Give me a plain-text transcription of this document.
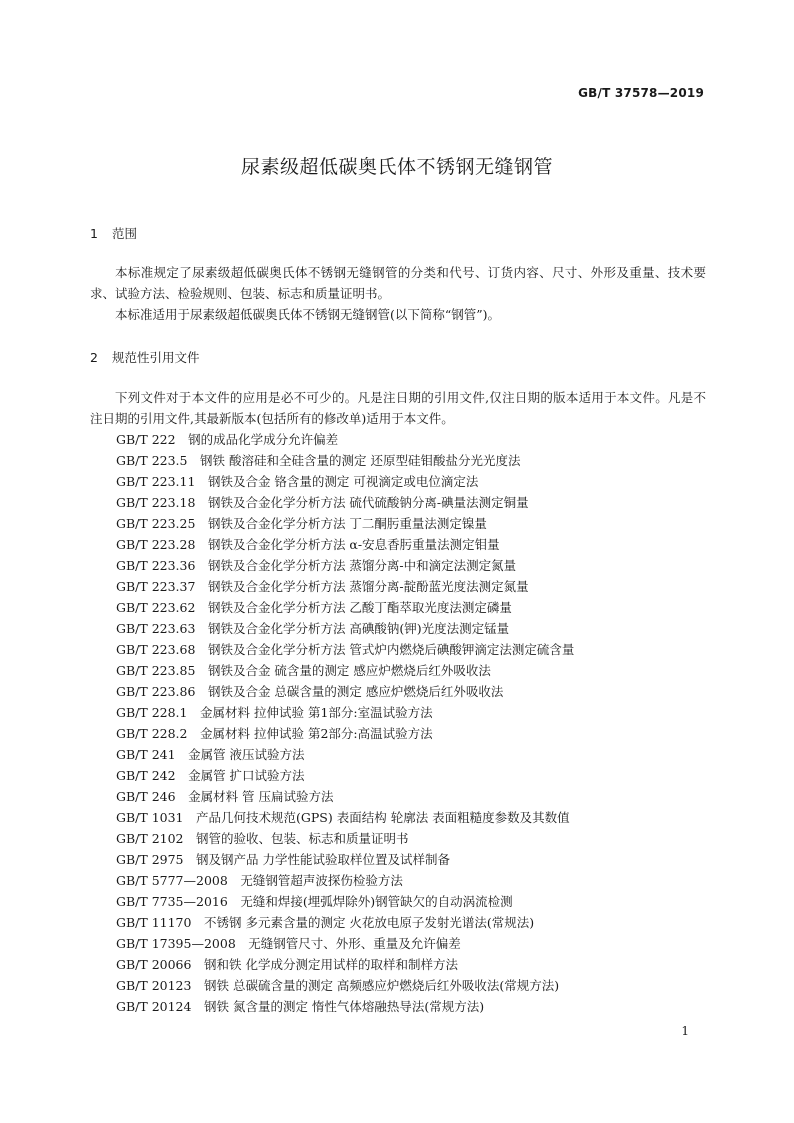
GB/T 37578—2019
尿素级超低碳奥氏体不锈钢无缝钢管
1 范围

本标准规定了尿素级超低碳奥氏体不锈钢无缝钢管的分类和代号、订货内容、尺寸、外形及重量、技术要求、试验方法、检验规则、包装、标志和质量证明书。

本标准适用于尿素级超低碳奥氏体不锈钢无缝钢管(以下简称“钢管”)。

2 规范性引用文件

下列文件对于本文件的应用是必不可少的。凡是注日期的引用文件,仅注日期的版本适用于本文件。凡是不注日期的引用文件,其最新版本(包括所有的修改单)适用于本文件。

GB/T 222　 钢的成品化学成分允许偏差
GB/T 223.5　 钢铁 酸溶硅和全硅含量的测定 还原型硅钼酸盐分光光度法
GB/T 223.11　 钢铁及合金 铬含量的测定 可视滴定或电位滴定法
GB/T 223.18　 钢铁及合金化学分析方法 硫代硫酸钠分离-碘量法测定铜量
GB/T 223.25　 钢铁及合金化学分析方法 丁二酮肟重量法测定镍量
GB/T 223.28　 钢铁及合金化学分析方法 α-安息香肟重量法测定钼量
GB/T 223.36　 钢铁及合金化学分析方法 蒸馏分离-中和滴定法测定氮量
GB/T 223.37　 钢铁及合金化学分析方法 蒸馏分离-靛酚蓝光度法测定氮量
GB/T 223.62　 钢铁及合金化学分析方法 乙酸丁酯萃取光度法测定磷量
GB/T 223.63　 钢铁及合金化学分析方法 高碘酸钠(钾)光度法测定锰量
GB/T 223.68　 钢铁及合金化学分析方法 管式炉内燃烧后碘酸钾滴定法测定硫含量
GB/T 223.85　 钢铁及合金 硫含量的测定 感应炉燃烧后红外吸收法
GB/T 223.86　 钢铁及合金 总碳含量的测定 感应炉燃烧后红外吸收法
GB/T 228.1　 金属材料 拉伸试验 第1部分:室温试验方法
GB/T 228.2　 金属材料 拉伸试验 第2部分:高温试验方法
GB/T 241　 金属管 液压试验方法
GB/T 242　 金属管 扩口试验方法
GB/T 246　 金属材料 管 压扁试验方法
GB/T 1031　 产品几何技术规范(GPS) 表面结构 轮廓法 表面粗糙度参数及其数值
GB/T 2102　 钢管的验收、包装、标志和质量证明书
GB/T 2975　 钢及钢产品 力学性能试验取样位置及试样制备
GB/T 5777—2008　 无缝钢管超声波探伤检验方法
GB/T 7735—2016　 无缝和焊接(埋弧焊除外)钢管缺欠的自动涡流检测
GB/T 11170　 不锈钢 多元素含量的测定 火花放电原子发射光谱法(常规法)
GB/T 17395—2008　 无缝钢管尺寸、外形、重量及允许偏差
GB/T 20066　 钢和铁 化学成分测定用试样的取样和制样方法
GB/T 20123　 钢铁 总碳硫含量的测定 高频感应炉燃烧后红外吸收法(常规方法)
GB/T 20124　 钢铁 氮含量的测定 惰性气体熔融热导法(常规方法)
1
